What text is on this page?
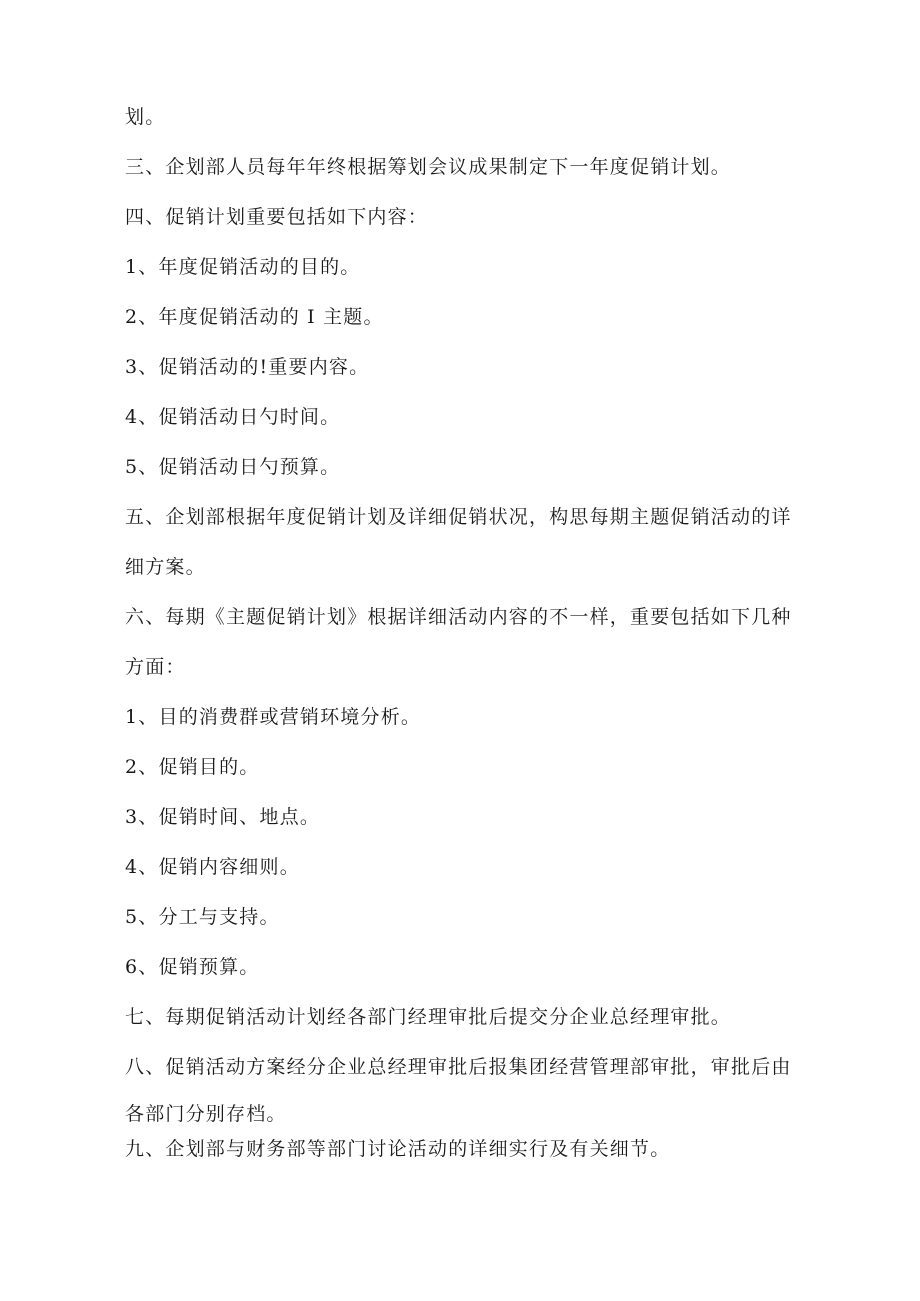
划。
三、企划部人员每年年终根据筹划会议成果制定下一年度促销计划。
四、促销计划重要包括如下内容：
1、年度促销活动的目的。
2、年度促销活动的 I 主题。
3、促销活动的!重要内容。
4、促销活动日勺时间。
5、促销活动日勺预算。
五、企划部根据年度促销计划及详细促销状况，构思每期主题促销活动的详
细方案。
六、每期《主题促销计划》根据详细活动内容的不一样，重要包括如下几种
方面：
1、目的消费群或营销环境分析。
2、促销目的。
3、促销时间、地点。
4、促销内容细则。
5、分工与支持。
6、促销预算。
七、每期促销活动计划经各部门经理审批后提交分企业总经理审批。
八、促销活动方案经分企业总经理审批后报集团经营管理部审批，审批后由
各部门分别存档。
九、企划部与财务部等部门讨论活动的详细实行及有关细节。
